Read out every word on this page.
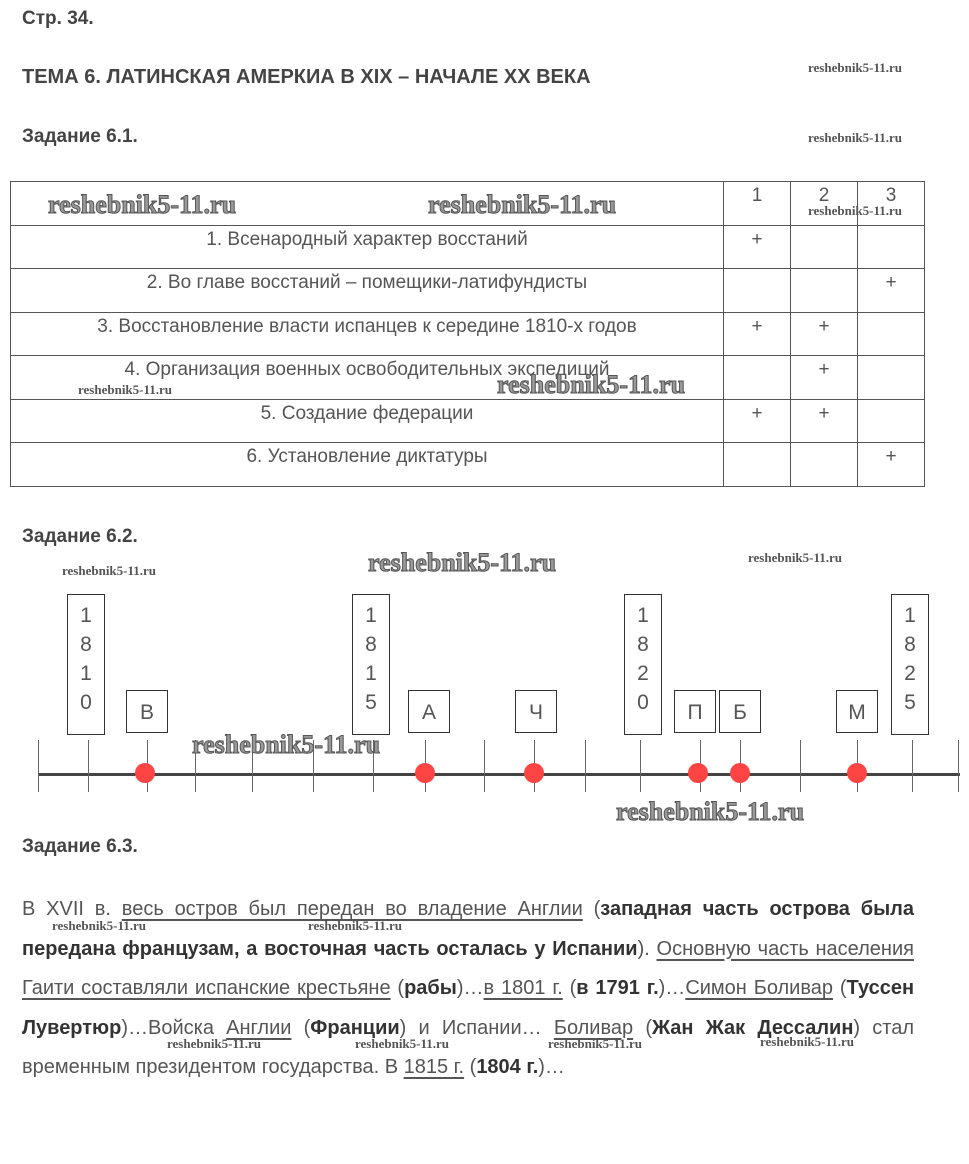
Стр. 34.
ТЕМА 6. ЛАТИНСКАЯ АМЕРКИА В XIX – НАЧАЛЕ XX ВЕКА
Задание 6.1.
	1	2	3
1. Всенародный характер восстаний	+		
2. Во главе восстаний – помещики-латифундисты			+
3. Восстановление власти испанцев к середине 1810-х годов	+	+	
4. Организация военных освободительных экспедиций		+	
5. Создание федерации	+	+	
6. Установление диктатуры			+
Задание 6.2.
1
8
1
0
1
8
1
5
1
8
2
0
1
8
2
5
В	А	Ч	П	Б	М
Задание 6.3.
В XVII в. весь остров был передан во владение Англии (западная часть острова была передана французам, а восточная часть осталась у Испании). Основную часть населения Гаити составляли испанские крестьяне (рабы)…в 1801 г. (в 1791 г.)…Симон Боливар (Туссен Лувертюр)…Войска Англии (Франции) и Испании… Боливар (Жан Жак Дессалин) стал временным президентом государства. В 1815 г. (1804 г.)…
reshebnik5-11.ru
reshebnik5-11.ru
reshebnik5-11.ru	reshebnik5-11.ru	reshebnik5-11.ru
reshebnik5-11.ru	reshebnik5-11.ru
reshebnik5-11.ru	reshebnik5-11.ru	reshebnik5-11.ru
reshebnik5-11.ru
reshebnik5-11.ru
reshebnik5-11.ru	reshebnik5-11.ru
reshebnik5-11.ru	reshebnik5-11.ru	reshebnik5-11.ru	reshebnik5-11.ru
